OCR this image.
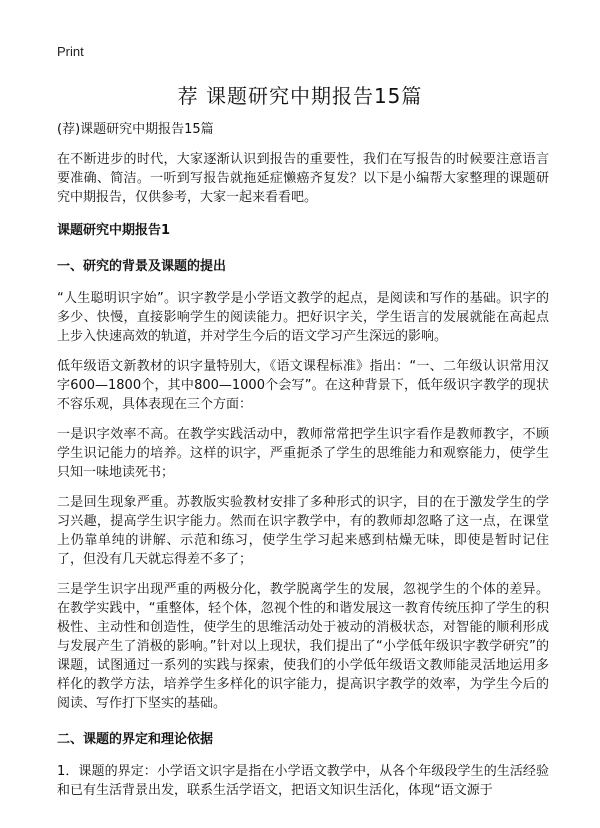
Print
荐 课题研究中期报告15篇
(荐)课题研究中期报告15篇

在不断进步的时代，大家逐渐认识到报告的重要性，我们在写报告的时候要注意语言要准确、简洁。一听到写报告就拖延症懒癌齐复发？以下是小编帮大家整理的课题研究中期报告，仅供参考，大家一起来看看吧。

课题研究中期报告1
一、研究的背景及课题的提出

“人生聪明识字始”。识字教学是小学语文教学的起点，是阅读和写作的基础。识字的多少、快慢，直接影响学生的阅读能力。把好识字关，学生语言的发展就能在高起点上步入快速高效的轨道，并对学生今后的语文学习产生深远的影响。

低年级语文新教材的识字量特别大，《语文课程标准》指出：“一、二年级认识常用汉字600—1800个，其中800—1000个会写”。在这种背景下，低年级识字教学的现状不容乐观，具体表现在三个方面：

一是识字效率不高。在教学实践活动中，教师常常把学生识字看作是教师教字，不顾学生识记能力的培养。这样的识字，严重扼杀了学生的思维能力和观察能力，使学生只知一味地读死书；

二是回生现象严重。苏教版实验教材安排了多种形式的识字，目的在于激发学生的学习兴趣，提高学生识字能力。然而在识字教学中，有的教师却忽略了这一点，在课堂上仍靠单纯的讲解、示范和练习，使学生学习起来感到枯燥无味，即使是暂时记住了，但没有几天就忘得差不多了；

三是学生识字出现严重的两极分化，教学脱离学生的发展，忽视学生的个体的差异。在教学实践中，“重整体，轻个体，忽视个性的和谐发展这一教育传统压抑了学生的积极性、主动性和创造性，使学生的思维活动处于被动的消极状态，对智能的顺利形成与发展产生了消极的影响。”针对以上现状，我们提出了“小学低年级识字教学研究”的课题，试图通过一系列的实践与探索，使我们的小学低年级语文教师能灵活地运用多样化的教学方法，培养学生多样化的识字能力，提高识字教学的效率，为学生今后的阅读、写作打下坚实的基础。

二、课题的界定和理论依据

1．课题的界定：小学语文识字是指在小学语文教学中，从各个年级段学生的生活经验和已有生活背景出发，联系生活学语文，把语文知识生活化，体现“语文源于
